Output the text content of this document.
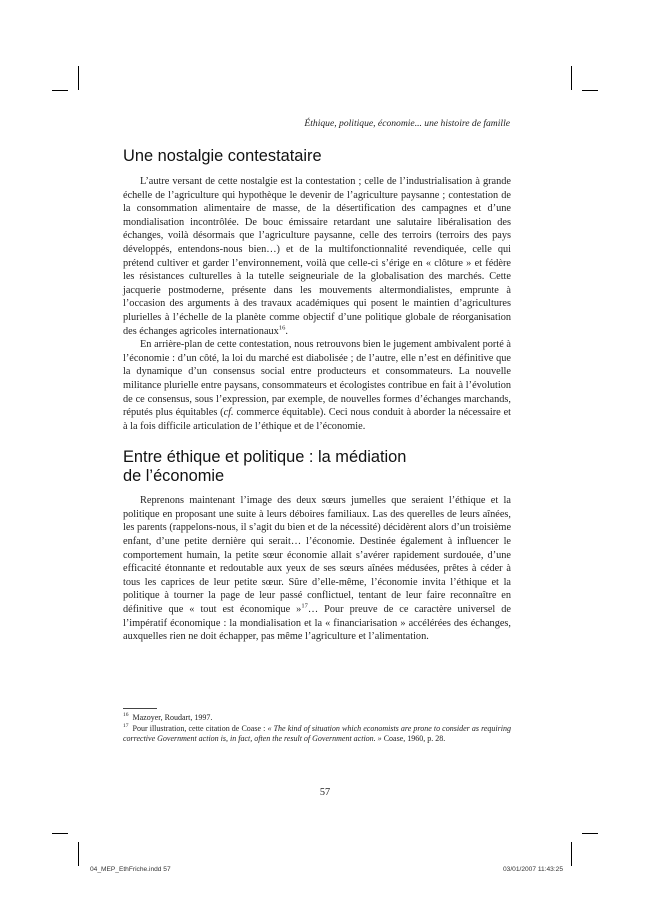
Éthique, politique, économie... une histoire de famille
Une nostalgie contestataire

L’autre versant de cette nostalgie est la contestation ; celle de l’industrialisation à grande échelle de l’agriculture qui hypothèque le devenir de l’agriculture paysanne ; contestation de la consommation alimentaire de masse, de la désertification des campagnes et d’une mondialisation incontrôlée. De bouc émissaire retardant une salutaire libéralisation des échanges, voilà désormais que l’agriculture paysanne, celle des terroirs (terroirs des pays développés, entendons-nous bien…) et de la multifonctionnalité revendiquée, celle qui prétend cultiver et garder l’environnement, voilà que celle-ci s’érige en « clôture » et fédère les résistances culturelles à la tutelle seigneuriale de la globalisation des marchés. Cette jacquerie postmoderne, présente dans les mouvements altermondialistes, emprunte à l’occasion des arguments à des travaux académiques qui posent le maintien d’agricultures plurielles à l’échelle de la planète comme objectif d’une politique globale de réorganisation des échanges agricoles internationaux$^{16}$.

En arrière-plan de cette contestation, nous retrouvons bien le jugement ambivalent porté à l’économie : d’un côté, la loi du marché est diabolisée ; de l’autre, elle n’est en définitive que la dynamique d’un consensus social entre producteurs et consommateurs. La nouvelle militance plurielle entre paysans, consommateurs et écologistes contribue en fait à l’évolution de ce consensus, sous l’expression, par exemple, de nouvelles formes d’échanges marchands, réputés plus équitables (cf. commerce équitable). Ceci nous conduit à aborder la nécessaire et à la fois difficile articulation de l’éthique et de l’économie.

Entre éthique et politique : la médiation
de l’économie

Reprenons maintenant l’image des deux sœurs jumelles que seraient l’éthique et la politique en proposant une suite à leurs déboires familiaux. Las des querelles de leurs aînées, les parents (rappelons-nous, il s’agit du bien et de la nécessité) décidèrent alors d’un troisième enfant, d’une petite dernière qui serait… l’économie. Destinée également à influencer le comportement humain, la petite sœur économie allait s’avérer rapidement surdouée, d’une efficacité étonnante et redoutable aux yeux de ses sœurs aînées médusées, prêtes à céder à tous les caprices de leur petite sœur. Sûre d’elle-même, l’économie invita l’éthique et la politique à tourner la page de leur passé conflictuel, tentant de leur faire reconnaître en définitive que « tout est économique »$^{17}$… Pour preuve de ce caractère universel de l’impératif économique : la mondialisation et la « financiarisation » accélérées des échanges, auxquelles rien ne doit échapper, pas même l’agriculture et l’alimentation.

$^{16}$ Mazoyer, Roudart, 1997.
$^{17}$ Pour illustration, cette citation de Coase : « The kind of situation which economists are prone to consider as requiring corrective Government action is, in fact, often the result of Government action. » Coase, 1960, p. 28.
57
04_MEP_EthFriche.indd 57	03/01/2007 11:43:25
